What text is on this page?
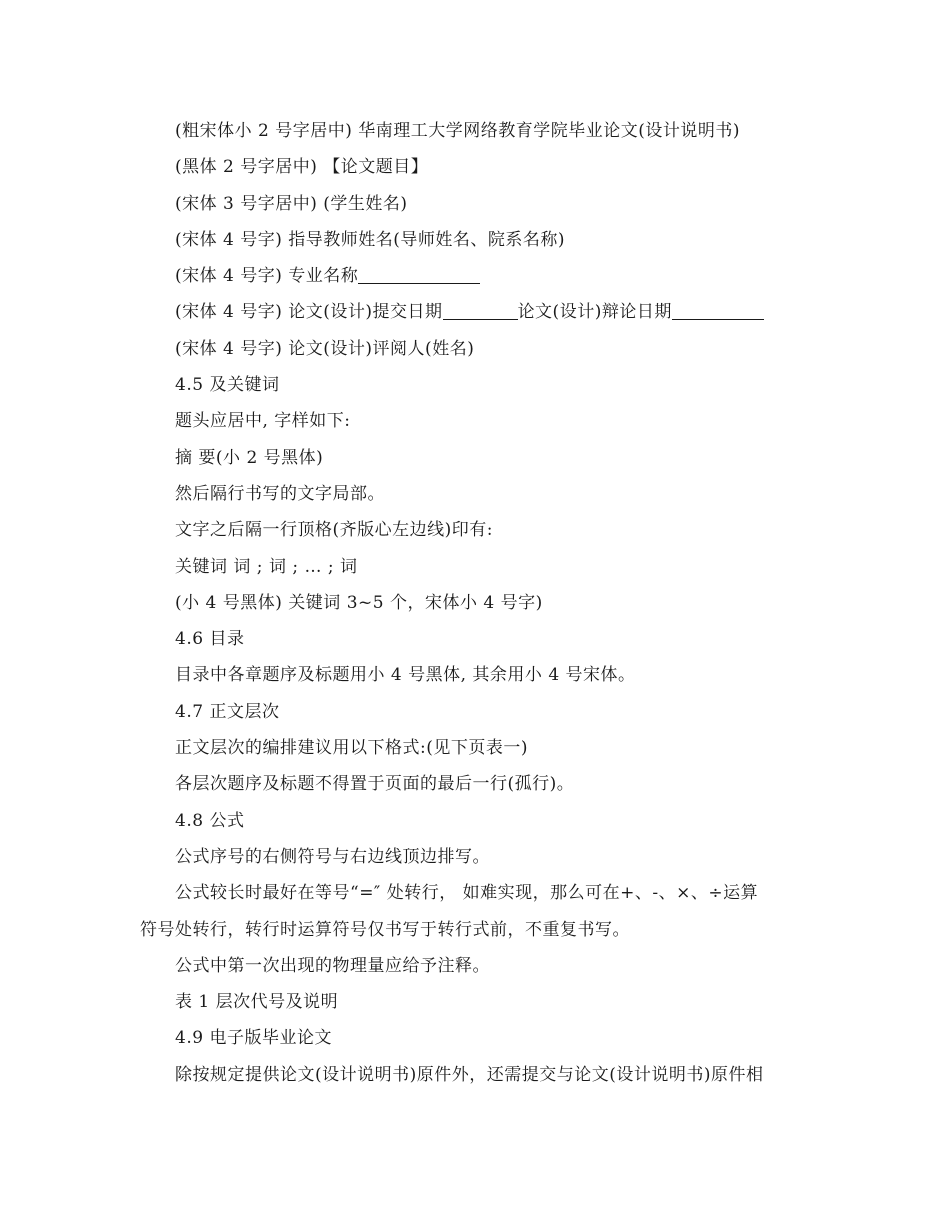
(粗宋体小 2 号字居中) 华南理工大学网络教育学院毕业论文(设计说明书)
(黑体 2 号字居中) 【论文题目】
(宋体 3 号字居中) (学生姓名)
(宋体 4 号字) 指导教师姓名(导师姓名、院系名称)
(宋体 4 号字) 专业名称
(宋体 4 号字) 论文(设计)提交日期	论文(设计)辩论日期
(宋体 4 号字) 论文(设计)评阅人(姓名)
4.5 及关键词
题头应居中, 字样如下:
摘 要(小 2 号黑体)
然后隔行书写的文字局部。
文字之后隔一行顶格(齐版心左边线)印有:
关键词 词 ; 词 ; … ; 词
(小 4 号黑体) 关键词 3~5 个，宋体小 4 号字)
4.6 目录
目录中各章题序及标题用小 4 号黑体, 其余用小 4 号宋体。
4.7 正文层次
正文层次的编排建议用以下格式:(见下页表一)
各层次题序及标题不得置于页面的最后一行(孤行)。
4.8 公式
公式序号的右侧符号与右边线顶边排写。
公式较长时最好在等号“=″ 处转行， 如难实现，那么可在+、-、×、÷运算
符号处转行，转行时运算符号仅书写于转行式前，不重复书写。
公式中第一次出现的物理量应给予注释。
表 1 层次代号及说明
4.9 电子版毕业论文
除按规定提供论文(设计说明书)原件外，还需提交与论文(设计说明书)原件相
